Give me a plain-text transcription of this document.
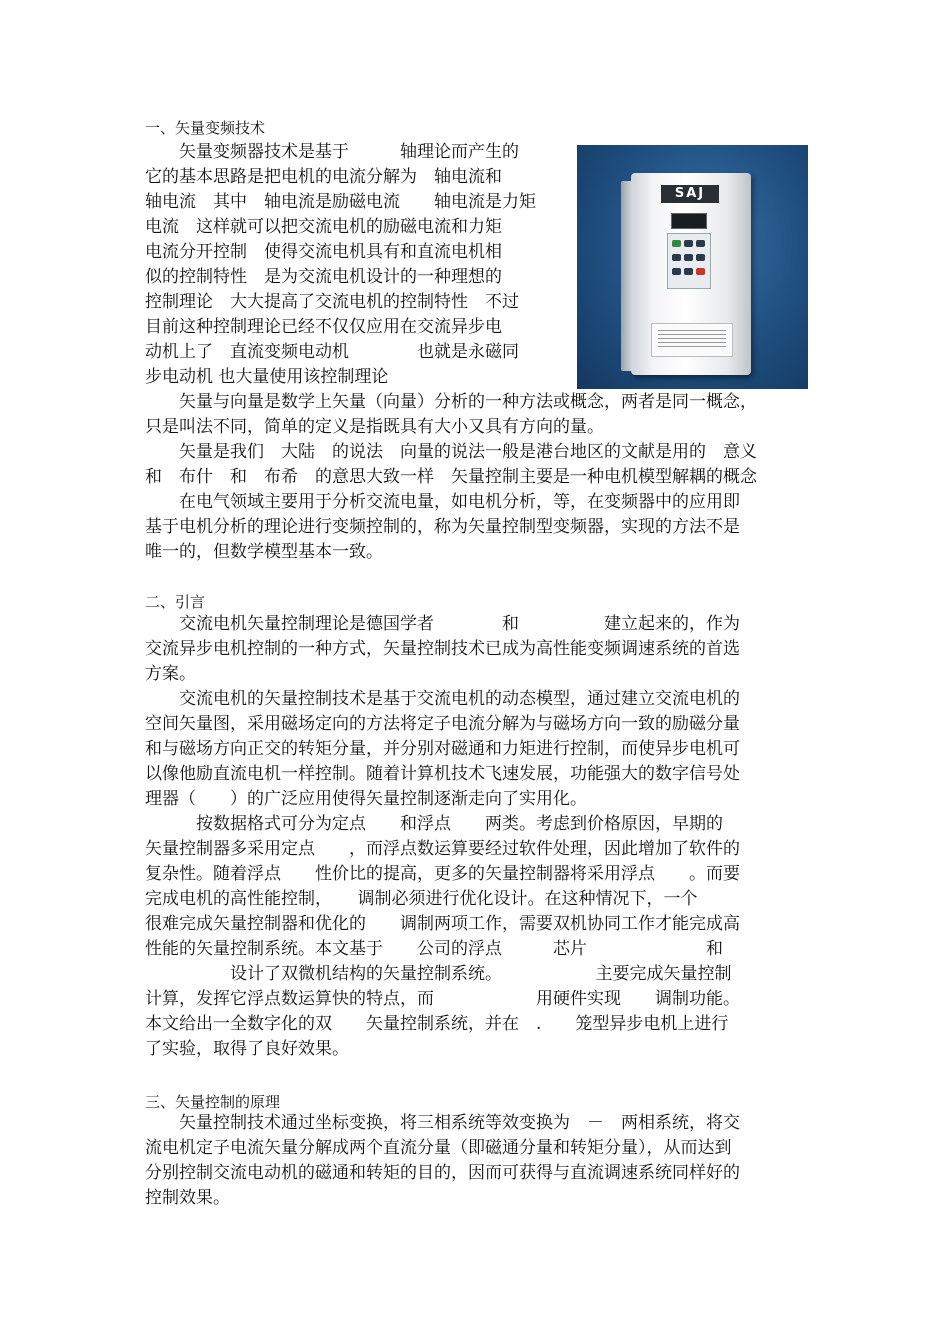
一、矢量变频技术
　　矢量变频器技术是基于　　　轴理论而产生的
它的基本思路是把电机的电流分解为　轴电流和
轴电流　其中　轴电流是励磁电流　　轴电流是力矩
电流　这样就可以把交流电机的励磁电流和力矩
电流分开控制　使得交流电机具有和直流电机相
似的控制特性　是为交流电机设计的一种理想的
控制理论　大大提高了交流电机的控制特性　不过
目前这种控制理论已经不仅仅应用在交流异步电
动机上了　直流变频电动机　　　　也就是永磁同
步电动机 也大量使用该控制理论
　　矢量与向量是数学上矢量（向量）分析的一种方法或概念，两者是同一概念，
只是叫法不同，简单的定义是指既具有大小又具有方向的量。
　　矢量是我们　大陆　的说法　向量的说法一般是港台地区的文献是用的　意义
和　布什　和　布希　的意思大致一样　矢量控制主要是一种电机模型解耦的概念
　　在电气领域主要用于分析交流电量，如电机分析，等，在变频器中的应用即
基于电机分析的理论进行变频控制的，称为矢量控制型变频器，实现的方法不是
唯一的，但数学模型基本一致。
SAJ
二、引言
　　交流电机矢量控制理论是德国学者　　　　和　　　　　建立起来的，作为
交流异步电机控制的一种方式，矢量控制技术已成为高性能变频调速系统的首选
方案。
　　交流电机的矢量控制技术是基于交流电机的动态模型，通过建立交流电机的
空间矢量图，采用磁场定向的方法将定子电流分解为与磁场方向一致的励磁分量
和与磁场方向正交的转矩分量，并分别对磁通和力矩进行控制，而使异步电机可
以像他励直流电机一样控制。随着计算机技术飞速发展，功能强大的数字信号处
理器（　　）的广泛应用使得矢量控制逐渐走向了实用化。
　　　按数据格式可分为定点　　和浮点　　两类。考虑到价格原因，早期的
矢量控制器多采用定点　　，而浮点数运算要经过软件处理，因此增加了软件的
复杂性。随着浮点　　性价比的提高，更多的矢量控制器将采用浮点　　。而要
完成电机的高性能控制，　　调制必须进行优化设计。在这种情况下，一个
很难完成矢量控制器和优化的　　调制两项工作，需要双机协同工作才能完成高
性能的矢量控制系统。本文基于　　公司的浮点　　　芯片　　　　　　　和
　　　　　设计了双微机结构的矢量控制系统。　　　　　　主要完成矢量控制
计算，发挥它浮点数运算快的特点，而　　　　　　用硬件实现　　调制功能。
本文给出一全数字化的双　　矢量控制系统，并在　.　　笼型异步电机上进行
了实验，取得了良好效果。
三、矢量控制的原理
　　矢量控制技术通过坐标变换，将三相系统等效变换为　－　两相系统，将交
流电机定子电流矢量分解成两个直流分量（即磁通分量和转矩分量），从而达到
分别控制交流电动机的磁通和转矩的目的，因而可获得与直流调速系统同样好的
控制效果。
